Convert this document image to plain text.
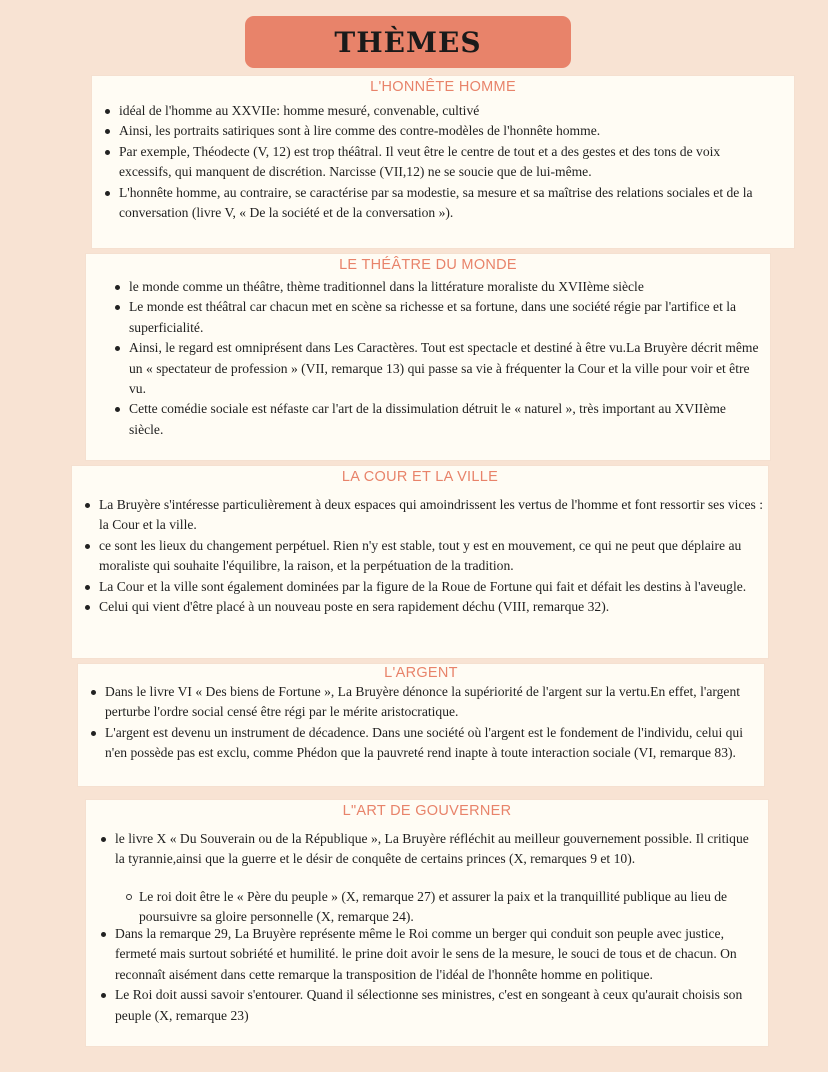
THÈMES
L'HONNÊTE HOMME
idéal de l'homme au XXVIIe: homme mesuré, convenable, cultivé
Ainsi, les portraits satiriques sont à lire comme des contre-modèles de l'honnête homme.
Par exemple, Théodecte (V, 12) est trop théâtral. Il veut être le centre de tout et a des gestes et des tons de voix excessifs, qui manquent de discrétion. Narcisse (VII,12) ne se soucie que de lui-même.
L'honnête homme, au contraire, se caractérise par sa modestie, sa mesure et sa maîtrise des relations sociales et de la conversation (livre V, « De la société et de la conversation »).
LE THÉÂTRE DU MONDE
le monde comme un théâtre, thème traditionnel dans la littérature moraliste du XVIIème siècle
Le monde est théâtral car chacun met en scène sa richesse et sa fortune, dans une société régie par l'artifice et la superficialité.
Ainsi, le regard est omniprésent dans Les Caractères. Tout est spectacle et destiné à être vu.La Bruyère décrit même un « spectateur de profession » (VII, remarque 13) qui passe sa vie à fréquenter la Cour et la ville pour voir et être vu.
Cette comédie sociale est néfaste car l'art de la dissimulation détruit le « naturel », très important au XVIIème siècle.
LA COUR ET LA VILLE
La Bruyère s'intéresse particulièrement à deux espaces qui amoindrissent les vertus de l'homme et font ressortir ses vices : la Cour et la ville.
ce sont les lieux du changement perpétuel. Rien n'y est stable, tout y est en mouvement, ce qui ne peut que déplaire au moraliste qui souhaite l'équilibre, la raison, et la perpétuation de la tradition.
La Cour et la ville sont également dominées par la figure de la Roue de Fortune qui fait et défait les destins à l'aveugle.
Celui qui vient d'être placé à un nouveau poste en sera rapidement déchu (VIII, remarque 32).
L'ARGENT
Dans le livre VI « Des biens de Fortune », La Bruyère dénonce la supériorité de l'argent sur la vertu.En effet, l'argent perturbe l'ordre social censé être régi par le mérite aristocratique.
L'argent est devenu un instrument de décadence. Dans une société où l'argent est le fondement de l'individu, celui qui n'en possède pas est exclu, comme Phédon que la pauvreté rend inapte à toute interaction sociale (VI, remarque 83).
L"ART DE GOUVERNER
le livre X « Du Souverain ou de la République », La Bruyère réfléchit au meilleur gouvernement possible. Il critique la tyrannie,ainsi que la guerre et le désir de conquête de certains princes (X, remarques 9 et 10).
Le roi doit être le « Père du peuple » (X, remarque 27) et assurer la paix et la tranquillité publique au lieu de poursuivre sa gloire personnelle (X, remarque 24).
Dans la remarque 29, La Bruyère représente même le Roi comme un berger qui conduit son peuple avec justice, fermeté mais surtout sobriété et humilité. le prine doit avoir le sens de la mesure, le souci de tous et de chacun. On reconnaît aisément dans cette remarque la transposition de l'idéal de l'honnête homme en politique.
Le Roi doit aussi savoir s'entourer. Quand il sélectionne ses ministres, c'est en songeant à ceux qu'aurait choisis son peuple (X, remarque 23)
